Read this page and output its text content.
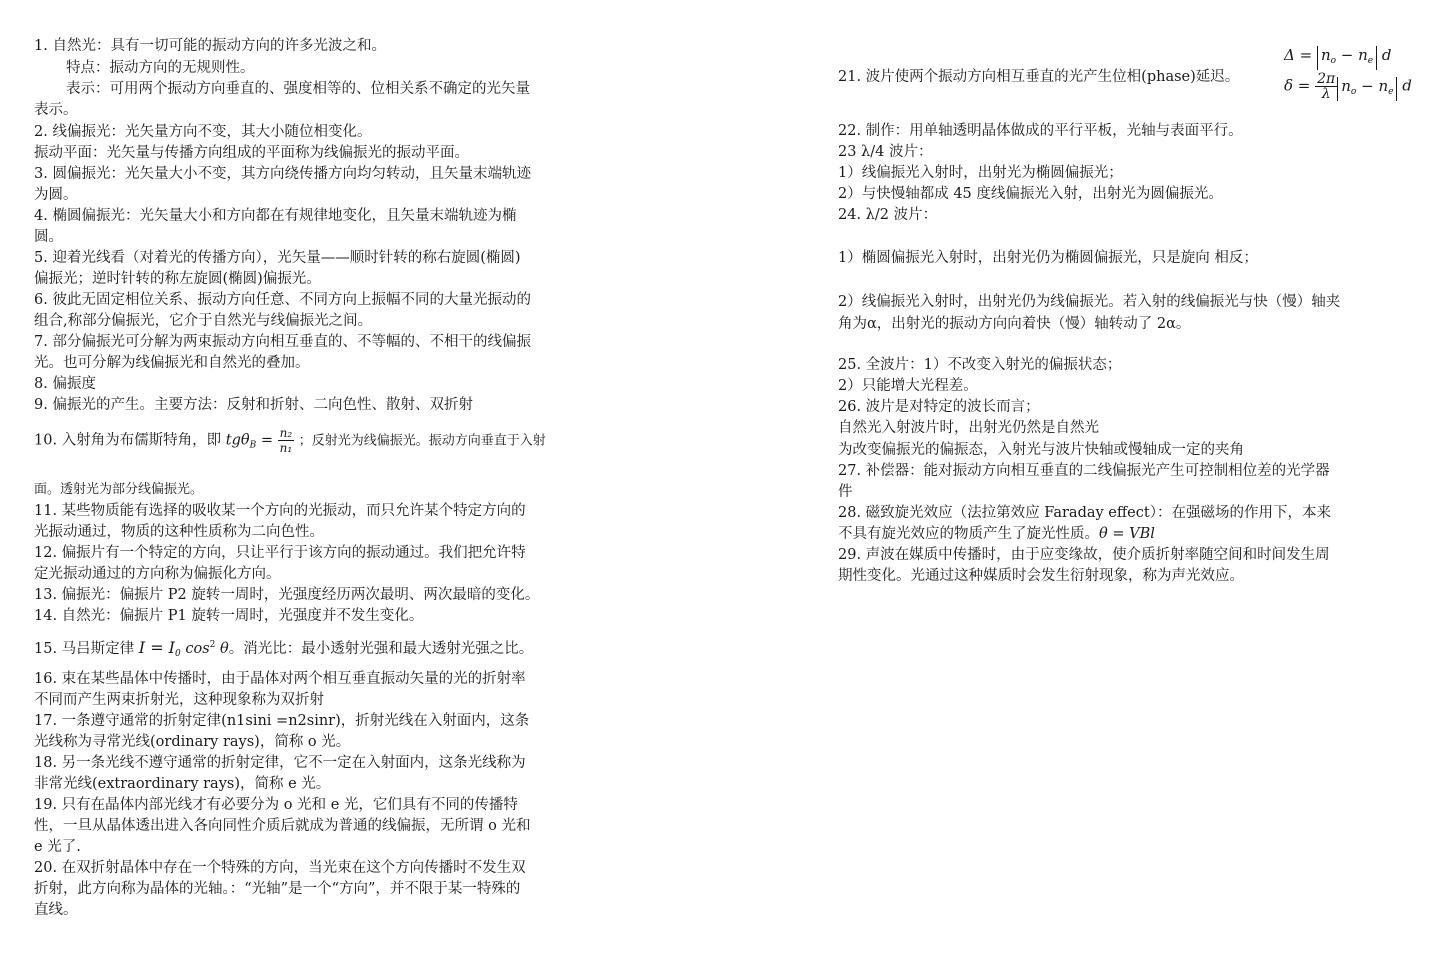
1. 自然光：具有一切可能的振动方向的许多光波之和。
特点：振动方向的无规则性。
表示：可用两个振动方向垂直的、强度相等的、位相关系不确定的光矢量
表示。
2. 线偏振光：光矢量方向不变，其大小随位相变化。
振动平面：光矢量与传播方向组成的平面称为线偏振光的振动平面。
3. 圆偏振光：光矢量大小不变，其方向绕传播方向均匀转动，且矢量末端轨迹
为圆。
4. 椭圆偏振光：光矢量大小和方向都在有规律地变化，且矢量末端轨迹为椭
圆。
5. 迎着光线看（对着光的传播方向），光矢量——顺时针转的称右旋圆(椭圆)
偏振光；逆时针转的称左旋圆(椭圆)偏振光。
6. 彼此无固定相位关系、振动方向任意、不同方向上振幅不同的大量光振动的
组合,称部分偏振光，它介于自然光与线偏振光之间。
7. 部分偏振光可分解为两束振动方向相互垂直的、不等幅的、不相干的线偏振
光。也可分解为线偏振光和自然光的叠加。
8. 偏振度
9. 偏振光的产生。主要方法：反射和折射、二向色性、散射、双折射
10. 入射角为布儒斯特角，即 $tg\theta_B = \frac{\text{n₂}}{\text{n₁}}$ ；反射光为线偏振光。振动方向垂直于入射
面。透射光为部分线偏振光。
11. 某些物质能有选择的吸收某一个方向的光振动，而只允许某个特定方向的
光振动通过，物质的这种性质称为二向色性。
12. 偏振片有一个特定的方向，只让平行于该方向的振动通过。我们把允许特
定光振动通过的方向称为偏振化方向。
13. 偏振光：偏振片 P2 旋转一周时，光强度经历两次最明、两次最暗的变化。
14. 自然光：偏振片 P1 旋转一周时，光强度并不发生变化。
15. 马吕斯定律 $I = I_0$ $\cos^2 \theta$。消光比：最小透射光强和最大透射光强之比。
16. 束在某些晶体中传播时，由于晶体对两个相互垂直振动矢量的光的折射率
不同而产生两束折射光，这种现象称为双折射
17. 一条遵守通常的折射定律(n1sini =n2sinr)，折射光线在入射面内，这条
光线称为寻常光线(ordinary rays)，简称 o 光。
18. 另一条光线不遵守通常的折射定律，它不一定在入射面内，这条光线称为
非常光线(extraordinary rays)，简称 e 光。
19. 只有在晶体内部光线才有必要分为 o 光和 e 光，它们具有不同的传播特
性，一旦从晶体透出进入各向同性介质后就成为普通的线偏振，无所谓 o 光和
e 光了.
20. 在双折射晶体中存在一个特殊的方向，当光束在这个方向传播时不发生双
折射，此方向称为晶体的光轴。：“光轴”是一个“方向”，并不限于某一特殊的
直线。
$\Delta = n_o - n_e$ d
21. 波片使两个振动方向相互垂直的光产生位相(phase)延迟。	$\delta = \frac{2\pi}{\lambda} n_o - n_e$ d
22. 制作：用单轴透明晶体做成的平行平板，光轴与表面平行。
23 λ/4 波片：
1）线偏振光入射时，出射光为椭圆偏振光；
2）与快慢轴都成 45 度线偏振光入射，出射光为圆偏振光。
24. λ/2 波片：
1）椭圆偏振光入射时，出射光仍为椭圆偏振光，只是旋向 相反；
2）线偏振光入射时，出射光仍为线偏振光。若入射的线偏振光与快（慢）轴夹
角为α，出射光的振动方向向着快（慢）轴转动了 2α。
25. 全波片：1）不改变入射光的偏振状态；
2）只能增大光程差。
26. 波片是对特定的波长而言；
自然光入射波片时，出射光仍然是自然光
为改变偏振光的偏振态，入射光与波片快轴或慢轴成一定的夹角
27. 补偿器：能对振动方向相互垂直的二线偏振光产生可控制相位差的光学器
件
28. 磁致旋光效应（法拉第效应 Faraday effect）：在强磁场的作用下，本来
不具有旋光效应的物质产生了旋光性质。θ = VBl
29. 声波在媒质中传播时，由于应变缘故，使介质折射率随空间和时间发生周
期性变化。光通过这种媒质时会发生衍射现象，称为声光效应。
